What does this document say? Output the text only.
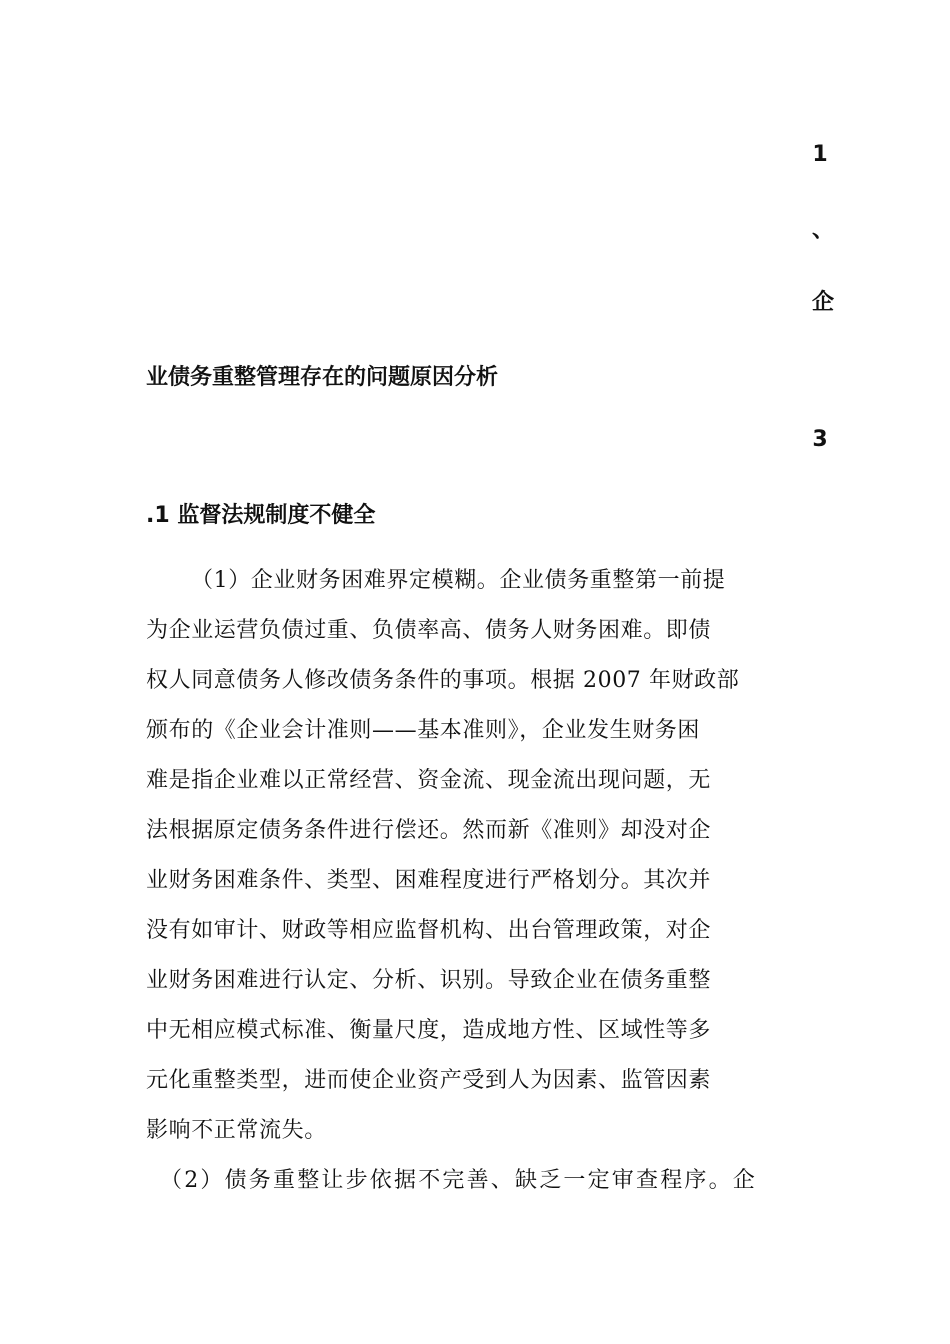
1
、
企
业债务重整管理存在的问题原因分析
3
.1 监督法规制度不健全
（1）企业财务困难界定模糊。企业债务重整第一前提
为企业运营负债过重、负债率高、债务人财务困难。即债
权人同意债务人修改债务条件的事项。根据 2007 年财政部
颁布的《企业会计准则——基本准则》，企业发生财务困
难是指企业难以正常经营、资金流、现金流出现问题，无
法根据原定债务条件进行偿还。然而新《准则》却没对企
业财务困难条件、类型、困难程度进行严格划分。其次并
没有如审计、财政等相应监督机构、出台管理政策，对企
业财务困难进行认定、分析、识别。导致企业在债务重整
中无相应模式标准、衡量尺度，造成地方性、区域性等多
元化重整类型，进而使企业资产受到人为因素、监管因素
影响不正常流失。
（2）债务重整让步依据不完善、缺乏一定审查程序。企
